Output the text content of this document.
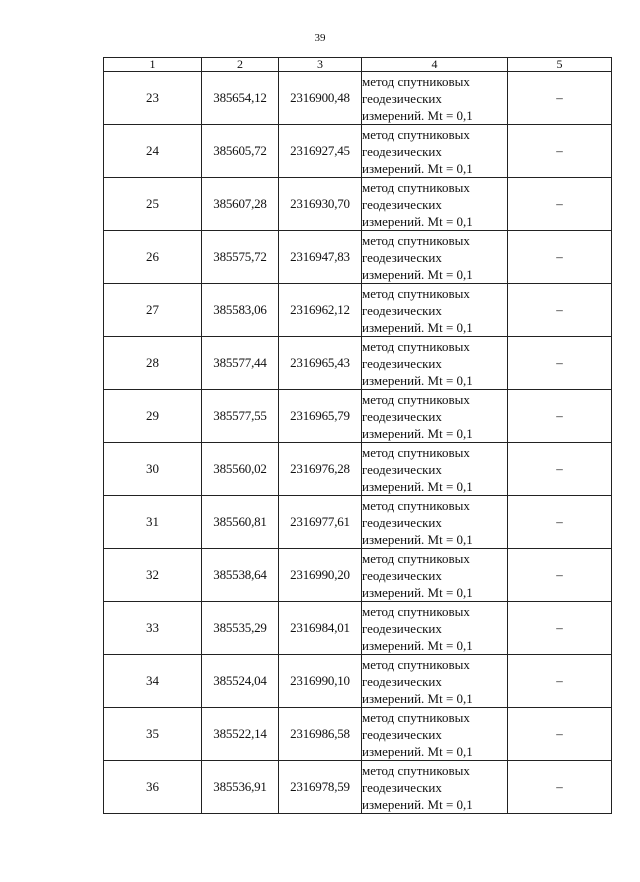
39
1	2	3	4	5
23	385654,12	2316900,48	метод спутниковых
геодезических
измерений. Mt = 0,1	–
24	385605,72	2316927,45	метод спутниковых
геодезических
измерений. Mt = 0,1	–
25	385607,28	2316930,70	метод спутниковых
геодезических
измерений. Mt = 0,1	–
26	385575,72	2316947,83	метод спутниковых
геодезических
измерений. Mt = 0,1	–
27	385583,06	2316962,12	метод спутниковых
геодезических
измерений. Mt = 0,1	–
28	385577,44	2316965,43	метод спутниковых
геодезических
измерений. Mt = 0,1	–
29	385577,55	2316965,79	метод спутниковых
геодезических
измерений. Mt = 0,1	–
30	385560,02	2316976,28	метод спутниковых
геодезических
измерений. Mt = 0,1	–
31	385560,81	2316977,61	метод спутниковых
геодезических
измерений. Mt = 0,1	–
32	385538,64	2316990,20	метод спутниковых
геодезических
измерений. Mt = 0,1	–
33	385535,29	2316984,01	метод спутниковых
геодезических
измерений. Mt = 0,1	–
34	385524,04	2316990,10	метод спутниковых
геодезических
измерений. Mt = 0,1	–
35	385522,14	2316986,58	метод спутниковых
геодезических
измерений. Mt = 0,1	–
36	385536,91	2316978,59	метод спутниковых
геодезических
измерений. Mt = 0,1	–
